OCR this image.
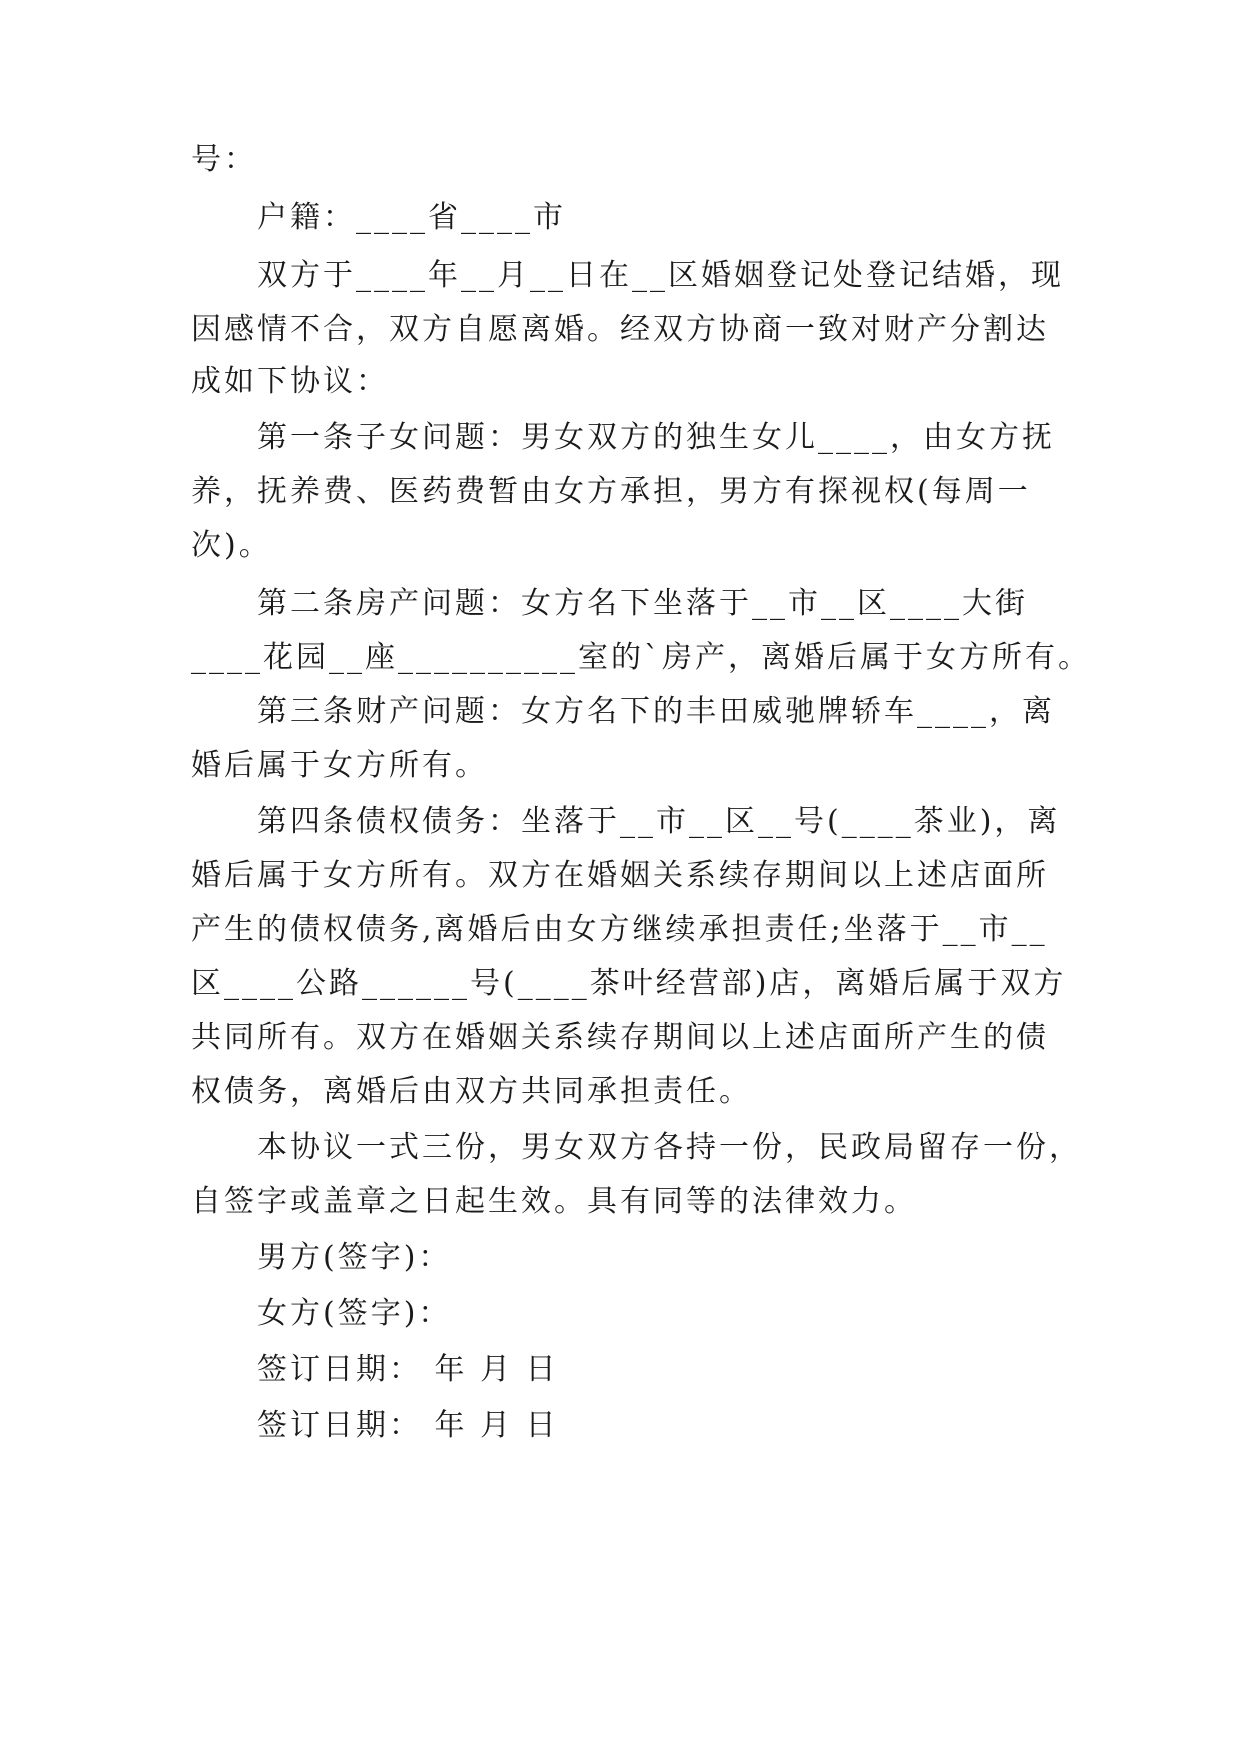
号：
户籍：____省____市
双方于____年__月__日在__区婚姻登记处登记结婚，现
因感情不合，双方自愿离婚。经双方协商一致对财产分割达
成如下协议：
第一条子女问题：男女双方的独生女儿____，由女方抚
养，抚养费、医药费暂由女方承担，男方有探视权(每周一
次)。
第二条房产问题：女方名下坐落于__市__区____大街
____花园__座__________室的`房产，离婚后属于女方所有。
第三条财产问题：女方名下的丰田威驰牌轿车____，离
婚后属于女方所有。
第四条债权债务：坐落于__市__区__号(____茶业)，离
婚后属于女方所有。双方在婚姻关系续存期间以上述店面所
产生的债权债务,离婚后由女方继续承担责任;坐落于__市__
区____公路______号(____茶叶经营部)店，离婚后属于双方
共同所有。双方在婚姻关系续存期间以上述店面所产生的债
权债务，离婚后由双方共同承担责任。
本协议一式三份，男女双方各持一份，民政局留存一份，
自签字或盖章之日起生效。具有同等的法律效力。
男方(签字)：
女方(签字)：
签订日期： 年 月 日
签订日期： 年 月 日
